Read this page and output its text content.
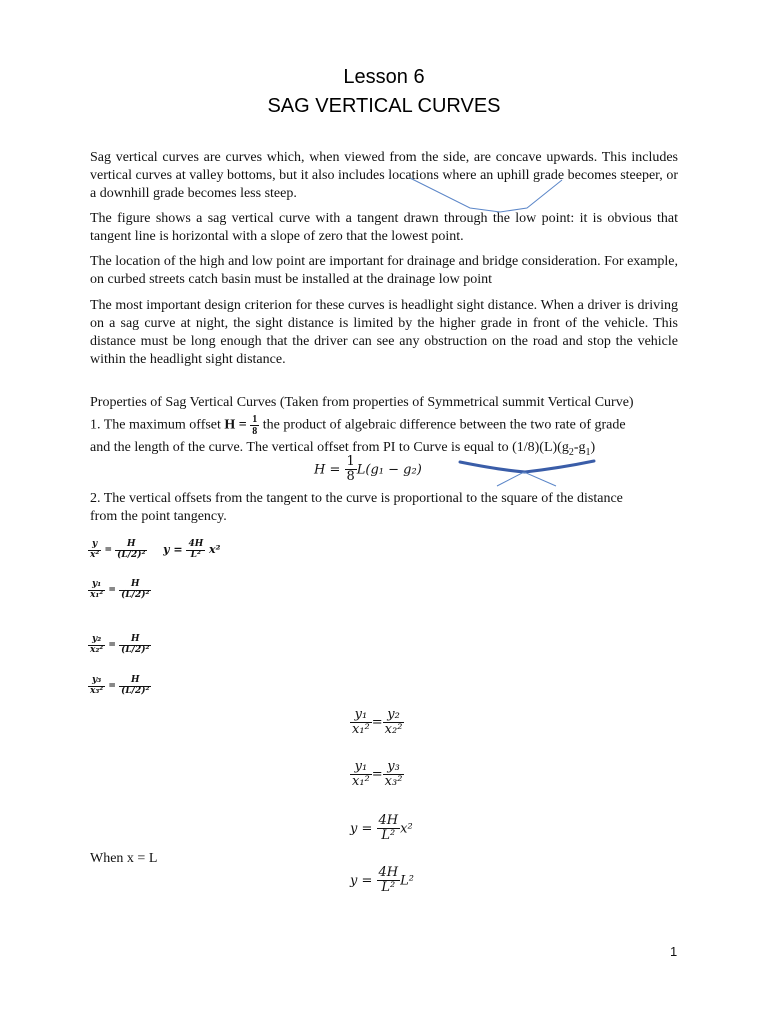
Lesson 6
SAG VERTICAL CURVES

Sag vertical curves are curves which, when viewed from the side, are concave upwards. This includes vertical curves at valley bottoms, but it also includes locations where an uphill grade becomes steeper, or a downhill grade becomes less steep.

The figure shows a sag vertical curve with a tangent drawn through the low point: it is obvious that tangent line is horizontal with a slope of zero that the lowest point.

The location of the high and low point are important for drainage and bridge consideration. For example, on curbed streets catch basin must be installed at the drainage low point

The most important design criterion for these curves is headlight sight distance. When a driver is driving on a sag curve at night, the sight distance is limited by the higher grade in front of the vehicle. This distance must be long enough that the driver can see any obstruction on the road and stop the vehicle within the headlight sight distance.

Properties of Sag Vertical Curves (Taken from properties of Symmetrical summit Vertical Curve)

1. The maximum offset $H = \frac{1}{8}$ the product of algebraic difference between the two rate of grade

and the length of the curve. The vertical offset from PI to Curve is equal to $(1/8)(L)(g_2-g_1)$

$H = \frac{1}{8} L(g_1 - g_2)$

2. The vertical offsets from the tangent to the curve is proportional to the square of the distance

from the point tangency.

$\frac{y}{\text{x²}} = \frac{H}{\text{(L/2)²}}$ $y = \frac{4H}{\text{L²}} x^2$
$\frac{\text{y₁}}{\text{x₁²}} = \frac{H}{\text{(L/2)²}}$
$\frac{\text{y₂}}{\text{x₂²}} = \frac{H}{\text{(L/2)²}}$
$\frac{\text{y₃}}{\text{x₃²}} = \frac{H}{\text{(L/2)²}}$
$\frac{\text{y₁}}{\text{x₁²}} = \frac{\text{y₂}}{\text{x₂²}}$
$\frac{\text{y₁}}{\text{x₁²}} = \frac{\text{y₃}}{\text{x₃²}}$
$y = \frac{4H}{\text{L²}} x^2$

When x = L

$y = \frac{4H}{\text{L²}} L^2$
1
